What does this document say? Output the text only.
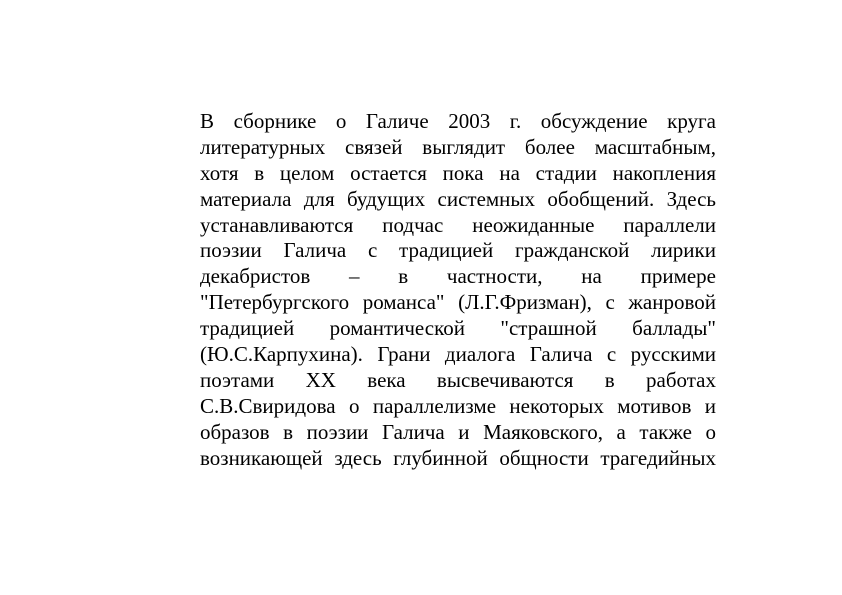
В сборнике о Галиче 2003 г. обсуждение круга
литературных связей выглядит более масштабным,
хотя в целом остается пока на стадии накопления
материала для будущих системных обобщений. Здесь
устанавливаются подчас неожиданные параллели
поэзии Галича с традицией гражданской лирики
декабристов – в частности, на примере
"Петербургского романса" (Л.Г.Фризман), с жанровой
традицией романтической "страшной баллады"
(Ю.С.Карпухина). Грани диалога Галича с русскими
поэтами XX века высвечиваются в работах
С.В.Свиридова о параллелизме некоторых мотивов и
образов в поэзии Галича и Маяковского, а также о
возникающей здесь глубинной общности трагедийных
